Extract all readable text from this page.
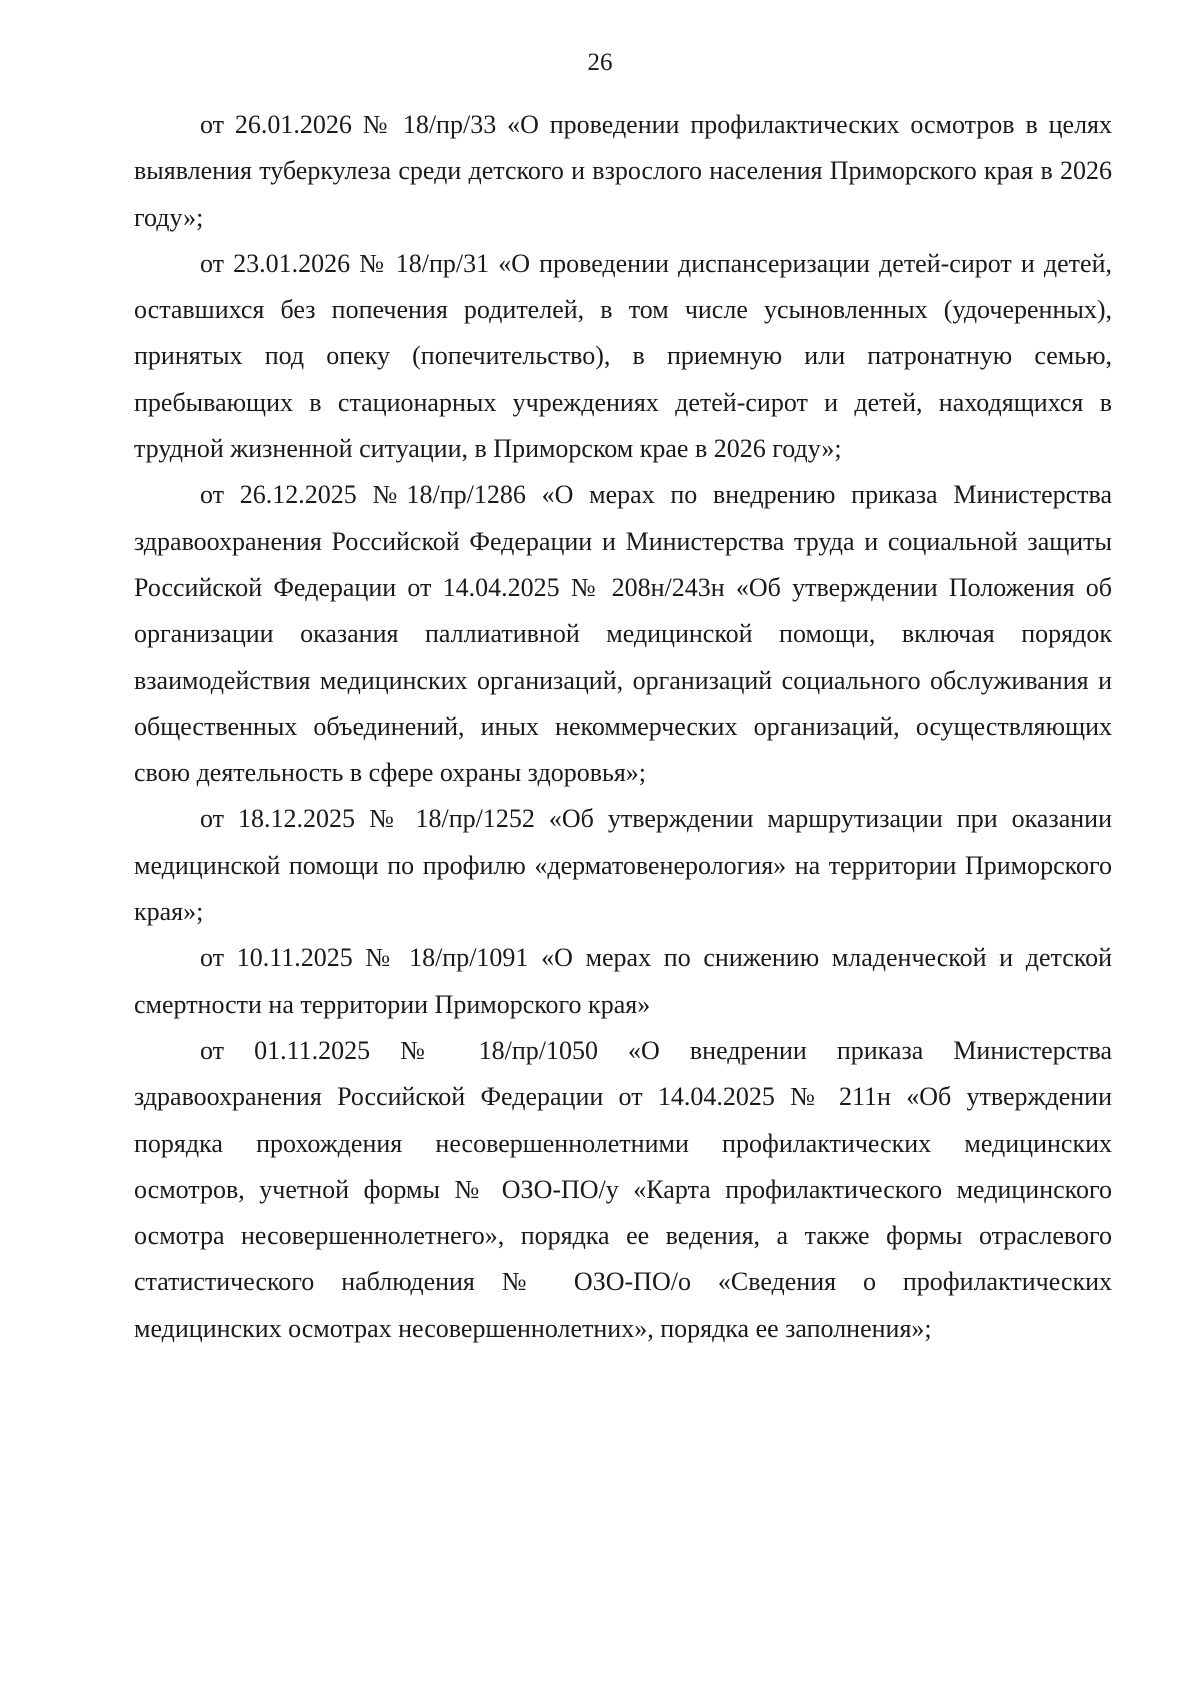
26

от 26.01.2026 № 18/пр/33 «О проведении профилактических осмотров в целях выявления туберкулеза среди детского и взрослого населения Приморского края в 2026 году»;

от 23.01.2026 № 18/пр/31 «О проведении диспансеризации детей-сирот и детей, оставшихся без попечения родителей, в том числе усыновленных (удочеренных), принятых под опеку (попечительство), в приемную или патронатную семью, пребывающих в стационарных учреждениях детей-сирот и детей, находящихся в трудной жизненной ситуации, в Приморском крае в 2026 году»;

от 26.12.2025 №18/пр/1286 «О мерах по внедрению приказа Министерства здравоохранения Российской Федерации и Министерства труда и социальной защиты Российской Федерации от 14.04.2025 № 208н/243н «Об утверждении Положения об организации оказания паллиативной медицинской помощи, включая порядок взаимодействия медицинских организаций, организаций социального обслуживания и общественных объединений, иных некоммерческих организаций, осуществляющих свою деятельность в сфере охраны здоровья»;

от 18.12.2025 № 18/пр/1252 «Об утверждении маршрутизации при оказании медицинской помощи по профилю «дерматовенерология» на территории Приморского края»;

от 10.11.2025 № 18/пр/1091 «О мерах по снижению младенческой и детской смертности на территории Приморского края»

от 01.11.2025 № 18/пр/1050 «О внедрении приказа Министерства здравоохранения Российской Федерации от 14.04.2025 № 211н «Об утверждении порядка прохождения несовершеннолетними профилактических медицинских осмотров, учетной формы № ОЗО-ПО/у «Карта профилактического медицинского осмотра несовершеннолетнего», порядка ее ведения, а также формы отраслевого статистического наблюдения № ОЗО-ПО/о «Сведения о профилактических медицинских осмотрах несовершеннолетних», порядка ее заполнения»;
